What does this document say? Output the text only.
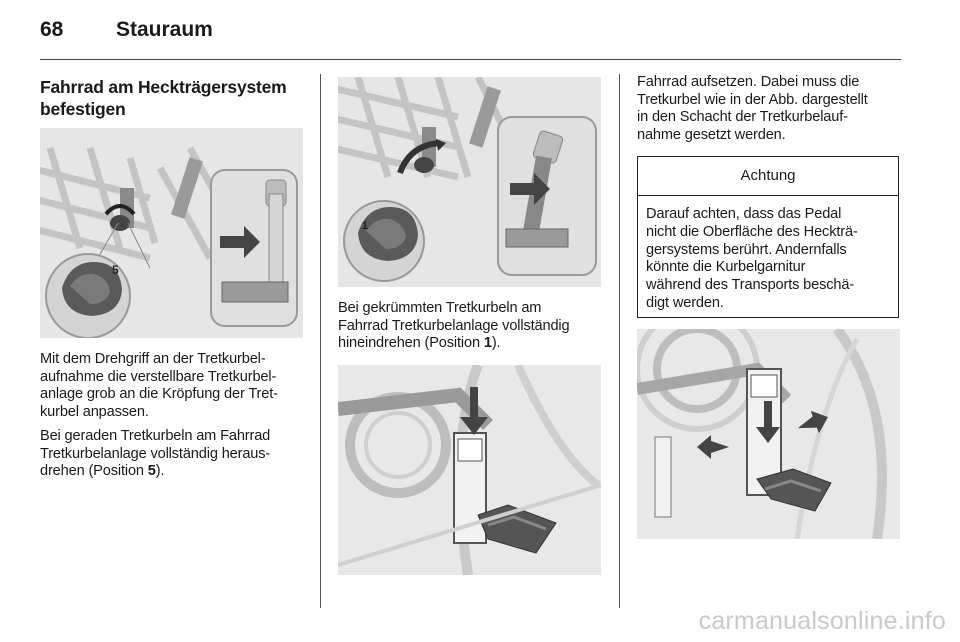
68	Stauraum
Fahrrad am Heckträgersystem
befestigen
5

Mit dem Drehgriff an der Tretkurbel-
aufnahme die verstellbare Tretkurbel-
anlage grob an die Kröpfung der Tret-
kurbel anpassen.

Bei geraden Tretkurbeln am Fahrrad
Tretkurbelanlage vollständig heraus-
drehen (Position 5).

1

Bei gekrümmten Tretkurbeln am
Fahrrad Tretkurbelanlage vollständig
hineindrehen (Position 1).

Fahrrad aufsetzen. Dabei muss die
Tretkurbel wie in der Abb. dargestellt
in den Schacht der Tretkurbelauf-
nahme gesetzt werden.

Achtung
Darauf achten, dass das Pedal
nicht die Oberfläche des Heckträ-
gersystems berührt. Andernfalls
könnte die Kurbelgarnitur
während des Transports beschä-
digt werden.
carmanualsonline.info
